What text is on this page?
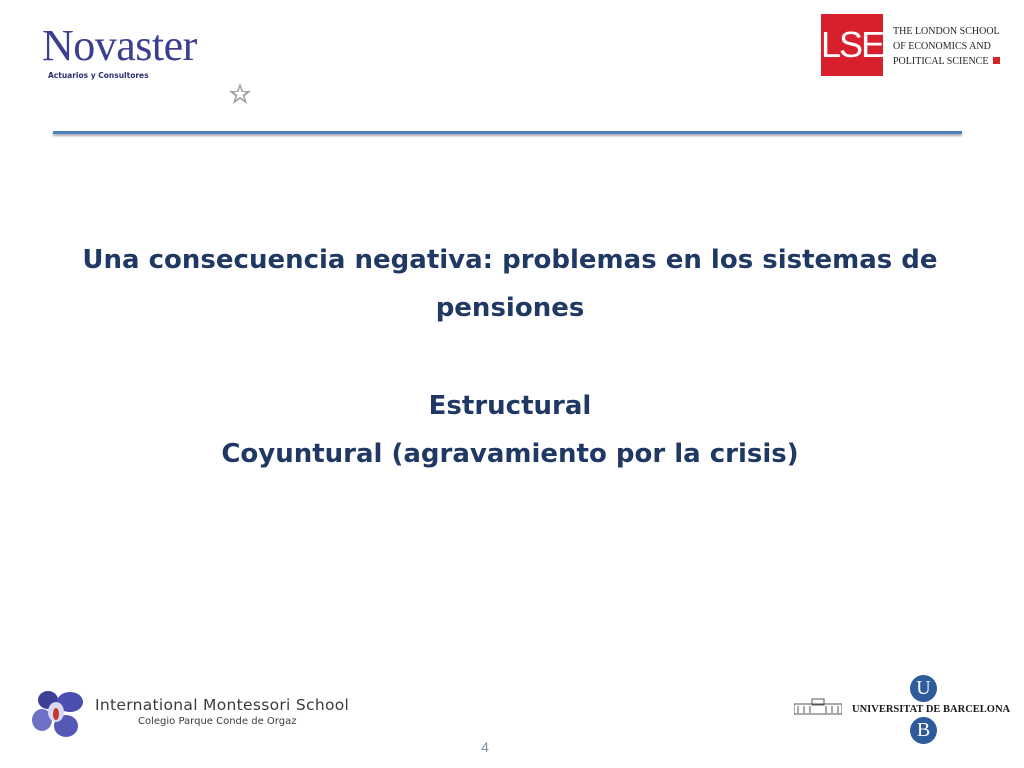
Novaster
Actuarios y Consultores
LSE THE LONDON SCHOOL
OF ECONOMICS AND
POLITICAL SCIENCE

Una consecuencia negativa: problemas en los sistemas de

pensiones

Estructural

Coyuntural (agravamiento por la crisis)

International Montessori School
Colegio Parque Conde de Orgaz
U
UNIVERSITAT DE BARCELONA
B
4
